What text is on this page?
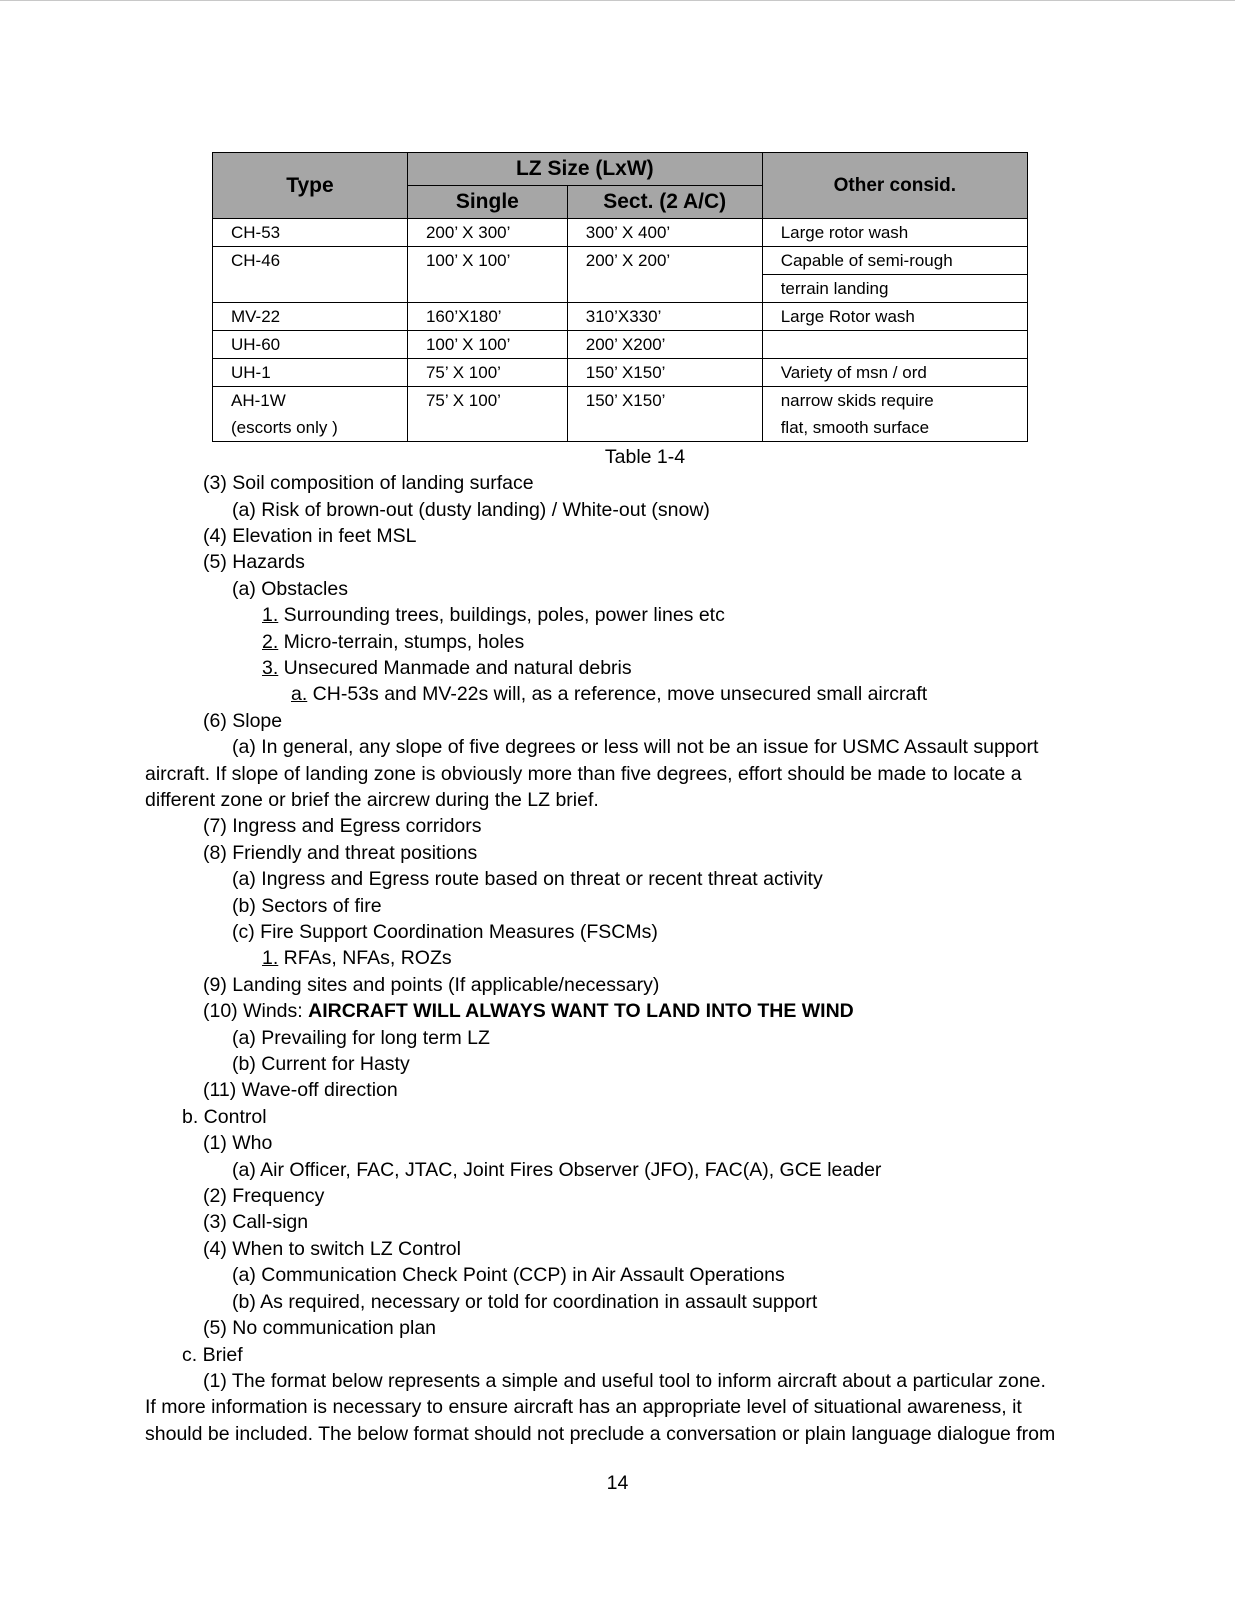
Type	LZ Size (LxW)		Other consid.
	Single	Sect. (2 A/C)	
CH-53	200’ X 300’	300’ X 400’	Large rotor wash
CH-46	100’ X 100’	200’ X 200’	Capable of semi-rough
			terrain landing
MV-22	160’X180’	310’X330’	Large Rotor wash
UH-60	100’ X 100’	200’ X200’	
UH-1	75’ X 100’	150’ X150’	Variety of msn / ord
AH-1W	75’ X 100’	150’ X150’	narrow skids require
(escorts only )			flat, smooth surface
Table 1-4
(3) Soil composition of landing surface
(a) Risk of brown-out (dusty landing) / White-out (snow)
(4) Elevation in feet MSL
(5) Hazards
(a) Obstacles
1. Surrounding trees, buildings, poles, power lines etc
2. Micro-terrain, stumps, holes
3. Unsecured Manmade and natural debris
a. CH-53s and MV-22s will, as a reference, move unsecured small aircraft
(6) Slope
(a) In general, any slope of five degrees or less will not be an issue for USMC Assault support
aircraft. If slope of landing zone is obviously more than five degrees, effort should be made to locate a
different zone or brief the aircrew during the LZ brief.
(7) Ingress and Egress corridors
(8) Friendly and threat positions
(a) Ingress and Egress route based on threat or recent threat activity
(b) Sectors of fire
(c) Fire Support Coordination Measures (FSCMs)
1. RFAs, NFAs, ROZs
(9) Landing sites and points (If applicable/necessary)
(10) Winds: AIRCRAFT WILL ALWAYS WANT TO LAND INTO THE WIND
(a) Prevailing for long term LZ
(b) Current for Hasty
(11) Wave-off direction
b. Control
(1) Who
(a) Air Officer, FAC, JTAC, Joint Fires Observer (JFO), FAC(A), GCE leader
(2) Frequency
(3) Call-sign
(4) When to switch LZ Control
(a) Communication Check Point (CCP) in Air Assault Operations
(b) As required, necessary or told for coordination in assault support
(5) No communication plan
c. Brief
(1) The format below represents a simple and useful tool to inform aircraft about a particular zone.
If more information is necessary to ensure aircraft has an appropriate level of situational awareness, it
should be included. The below format should not preclude a conversation or plain language dialogue from
14
